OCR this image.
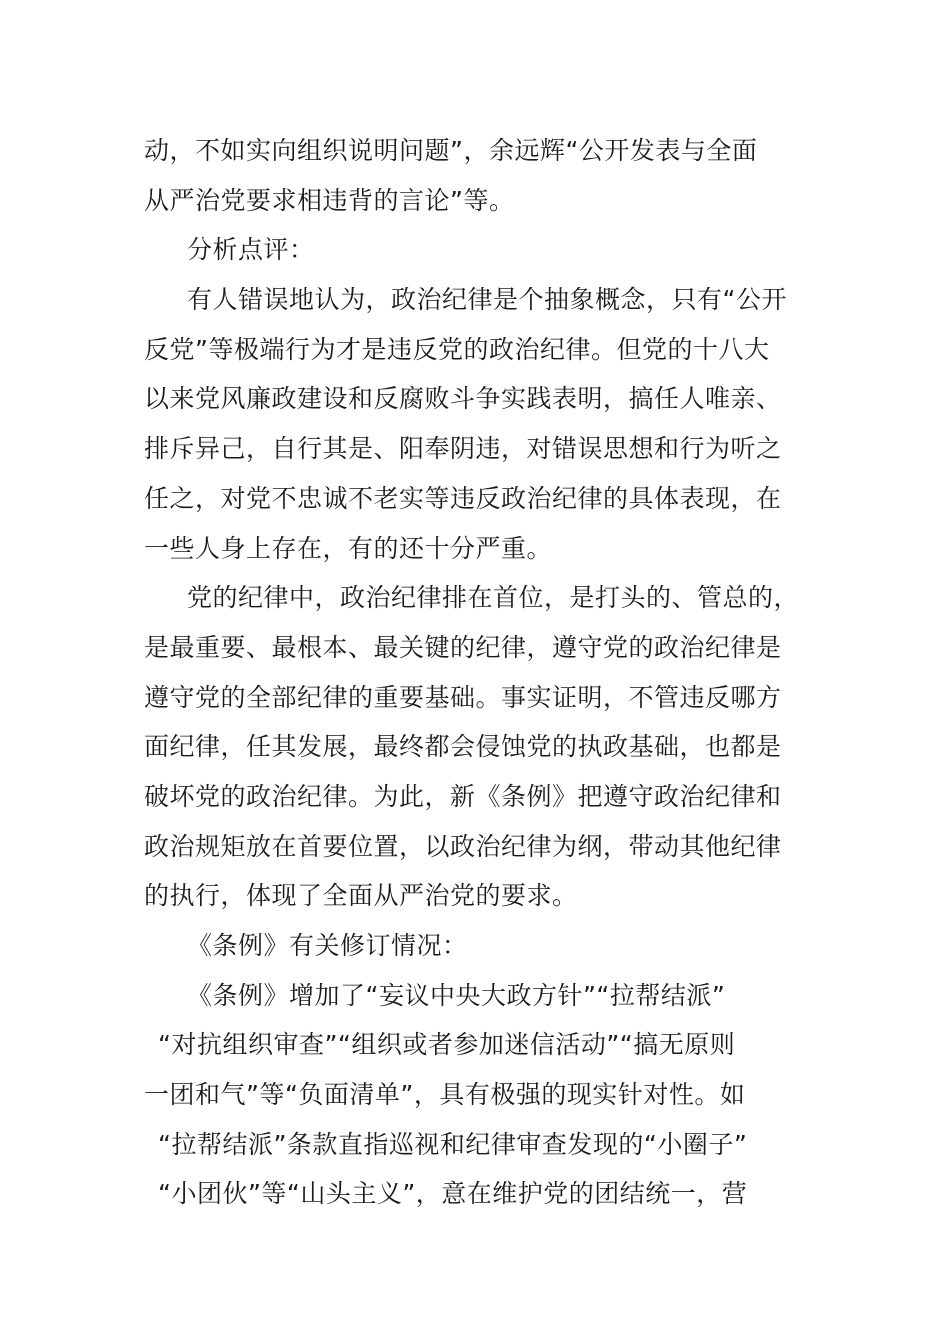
动，不如实向组织说明问题”，余远辉“公开发表与全面
从严治党要求相违背的言论”等。
分析点评：
有人错误地认为，政治纪律是个抽象概念，只有“公开
反党”等极端行为才是违反党的政治纪律。但党的十八大
以来党风廉政建设和反腐败斗争实践表明，搞任人唯亲、
排斥异己，自行其是、阳奉阴违，对错误思想和行为听之
任之，对党不忠诚不老实等违反政治纪律的具体表现，在
一些人身上存在，有的还十分严重。
党的纪律中，政治纪律排在首位，是打头的、管总的，
是最重要、最根本、最关键的纪律，遵守党的政治纪律是
遵守党的全部纪律的重要基础。事实证明，不管违反哪方
面纪律，任其发展，最终都会侵蚀党的执政基础，也都是
破坏党的政治纪律。为此，新《条例》把遵守政治纪律和
政治规矩放在首要位置，以政治纪律为纲，带动其他纪律
的执行，体现了全面从严治党的要求。
《条例》有关修订情况：
《条例》增加了“妄议中央大政方针”“拉帮结派”
“对抗组织审查”“组织或者参加迷信活动”“搞无原则
一团和气”等“负面清单”，具有极强的现实针对性。如
“拉帮结派”条款直指巡视和纪律审查发现的“小圈子”
“小团伙”等“山头主义”，意在维护党的团结统一，营
